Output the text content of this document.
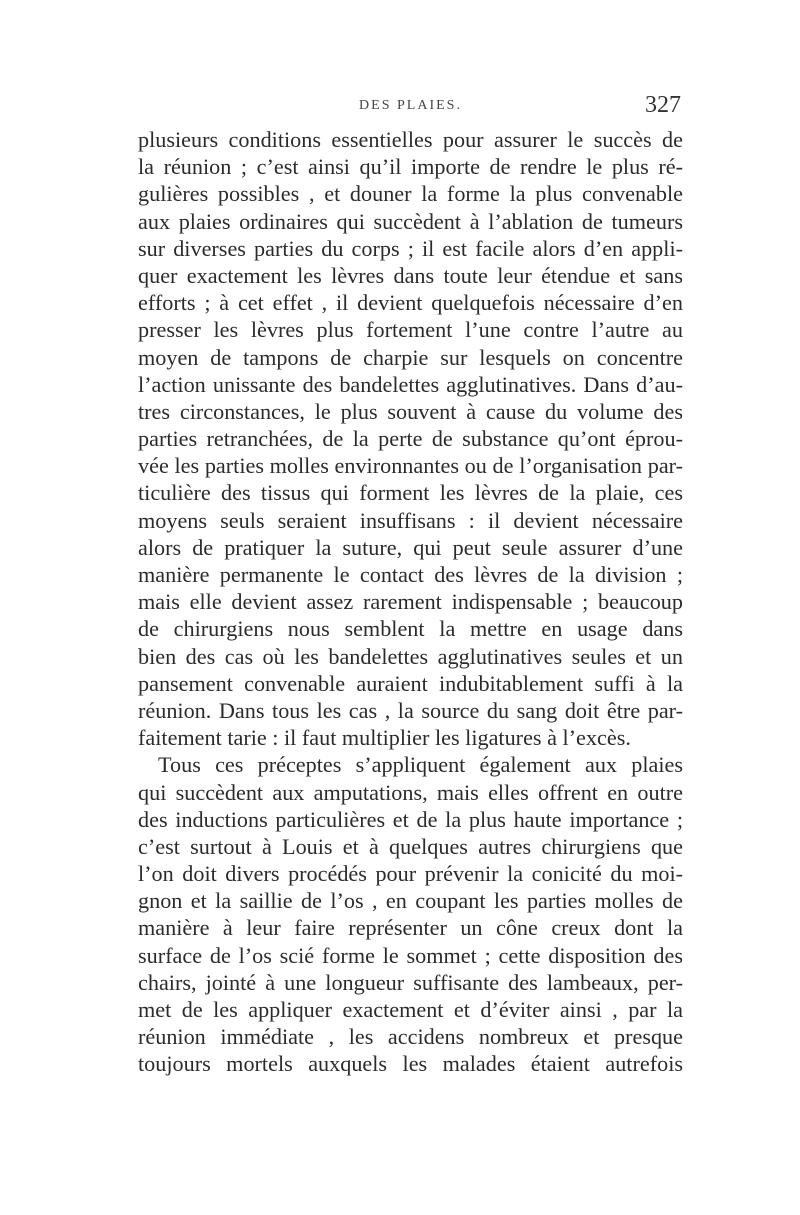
DES PLAIES.	327
plusieurs conditions essentielles pour assurer le succès de
la réunion ; c’est ainsi qu’il importe de rendre le plus ré-
gulières possibles , et douner la forme la plus convenable
aux plaies ordinaires qui succèdent à l’ablation de tumeurs
sur diverses parties du corps ; il est facile alors d’en appli-
quer exactement les lèvres dans toute leur étendue et sans
efforts ; à cet effet , il devient quelquefois nécessaire d’en
presser les lèvres plus fortement l’une contre l’autre au
moyen de tampons de charpie sur lesquels on concentre
l’action unissante des bandelettes agglutinatives. Dans d’au-
tres circonstances, le plus souvent à cause du volume des
parties retranchées, de la perte de substance qu’ont éprou-
vée les parties molles environnantes ou de l’organisation par-
ticulière des tissus qui forment les lèvres de la plaie, ces
moyens seuls seraient insuffisans : il devient nécessaire
alors de pratiquer la suture, qui peut seule assurer d’une
manière permanente le contact des lèvres de la division ;
mais elle devient assez rarement indispensable ; beaucoup
de chirurgiens nous semblent la mettre en usage dans
bien des cas où les bandelettes agglutinatives seules et un
pansement convenable auraient indubitablement suffi à la
réunion. Dans tous les cas , la source du sang doit être par-
faitement tarie : il faut multiplier les ligatures à l’excès.
Tous ces préceptes s’appliquent également aux plaies
qui succèdent aux amputations, mais elles offrent en outre
des inductions particulières et de la plus haute importance ;
c’est surtout à Louis et à quelques autres chirurgiens que
l’on doit divers procédés pour prévenir la conicité du moi-
gnon et la saillie de l’os , en coupant les parties molles de
manière à leur faire représenter un cône creux dont la
surface de l’os scié forme le sommet ; cette disposition des
chairs, jointé à une longueur suffisante des lambeaux, per-
met de les appliquer exactement et d’éviter ainsi , par la
réunion immédiate , les accidens nombreux et presque
toujours mortels auxquels les malades étaient autrefois
